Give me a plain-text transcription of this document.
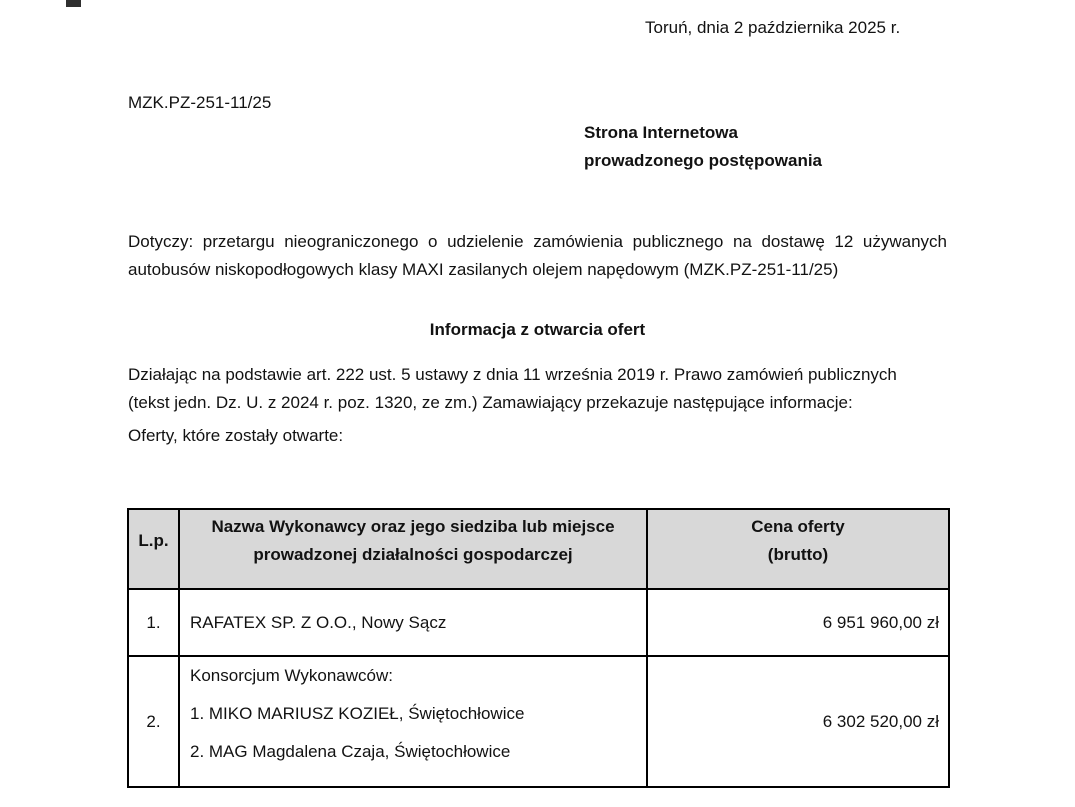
Toruń, dnia 2 października 2025 r.
MZK.PZ-251-11/25
Strona Internetowa
prowadzonego postępowania
Dotyczy: przetargu nieograniczonego o udzielenie zamówienia publicznego na dostawę 12 używanych
autobusów niskopodłogowych klasy MAXI zasilanych olejem napędowym (MZK.PZ-251-11/25)
Informacja z otwarcia ofert
Działając na podstawie art. 222 ust. 5 ustawy z dnia 11 września 2019 r. Prawo zamówień publicznych
(tekst jedn. Dz. U. z 2024 r. poz. 1320, ze zm.) Zamawiający przekazuje następujące informacje:
Oferty, które zostały otwarte:
L.p.	Nazwa Wykonawcy oraz jego siedziba lub miejsce prowadzonej działalności gospodarczej	Cena oferty
(brutto)

1.	RAFATEX SP. Z O.O., Nowy Sącz	6 951 960,00 zł
2.	Konsorcjum Wykonawców:
1. MIKO MARIUSZ KOZIEŁ, Świętochłowice
2. MAG Magdalena Czaja, Świętochłowice	6 302 520,00 zł
